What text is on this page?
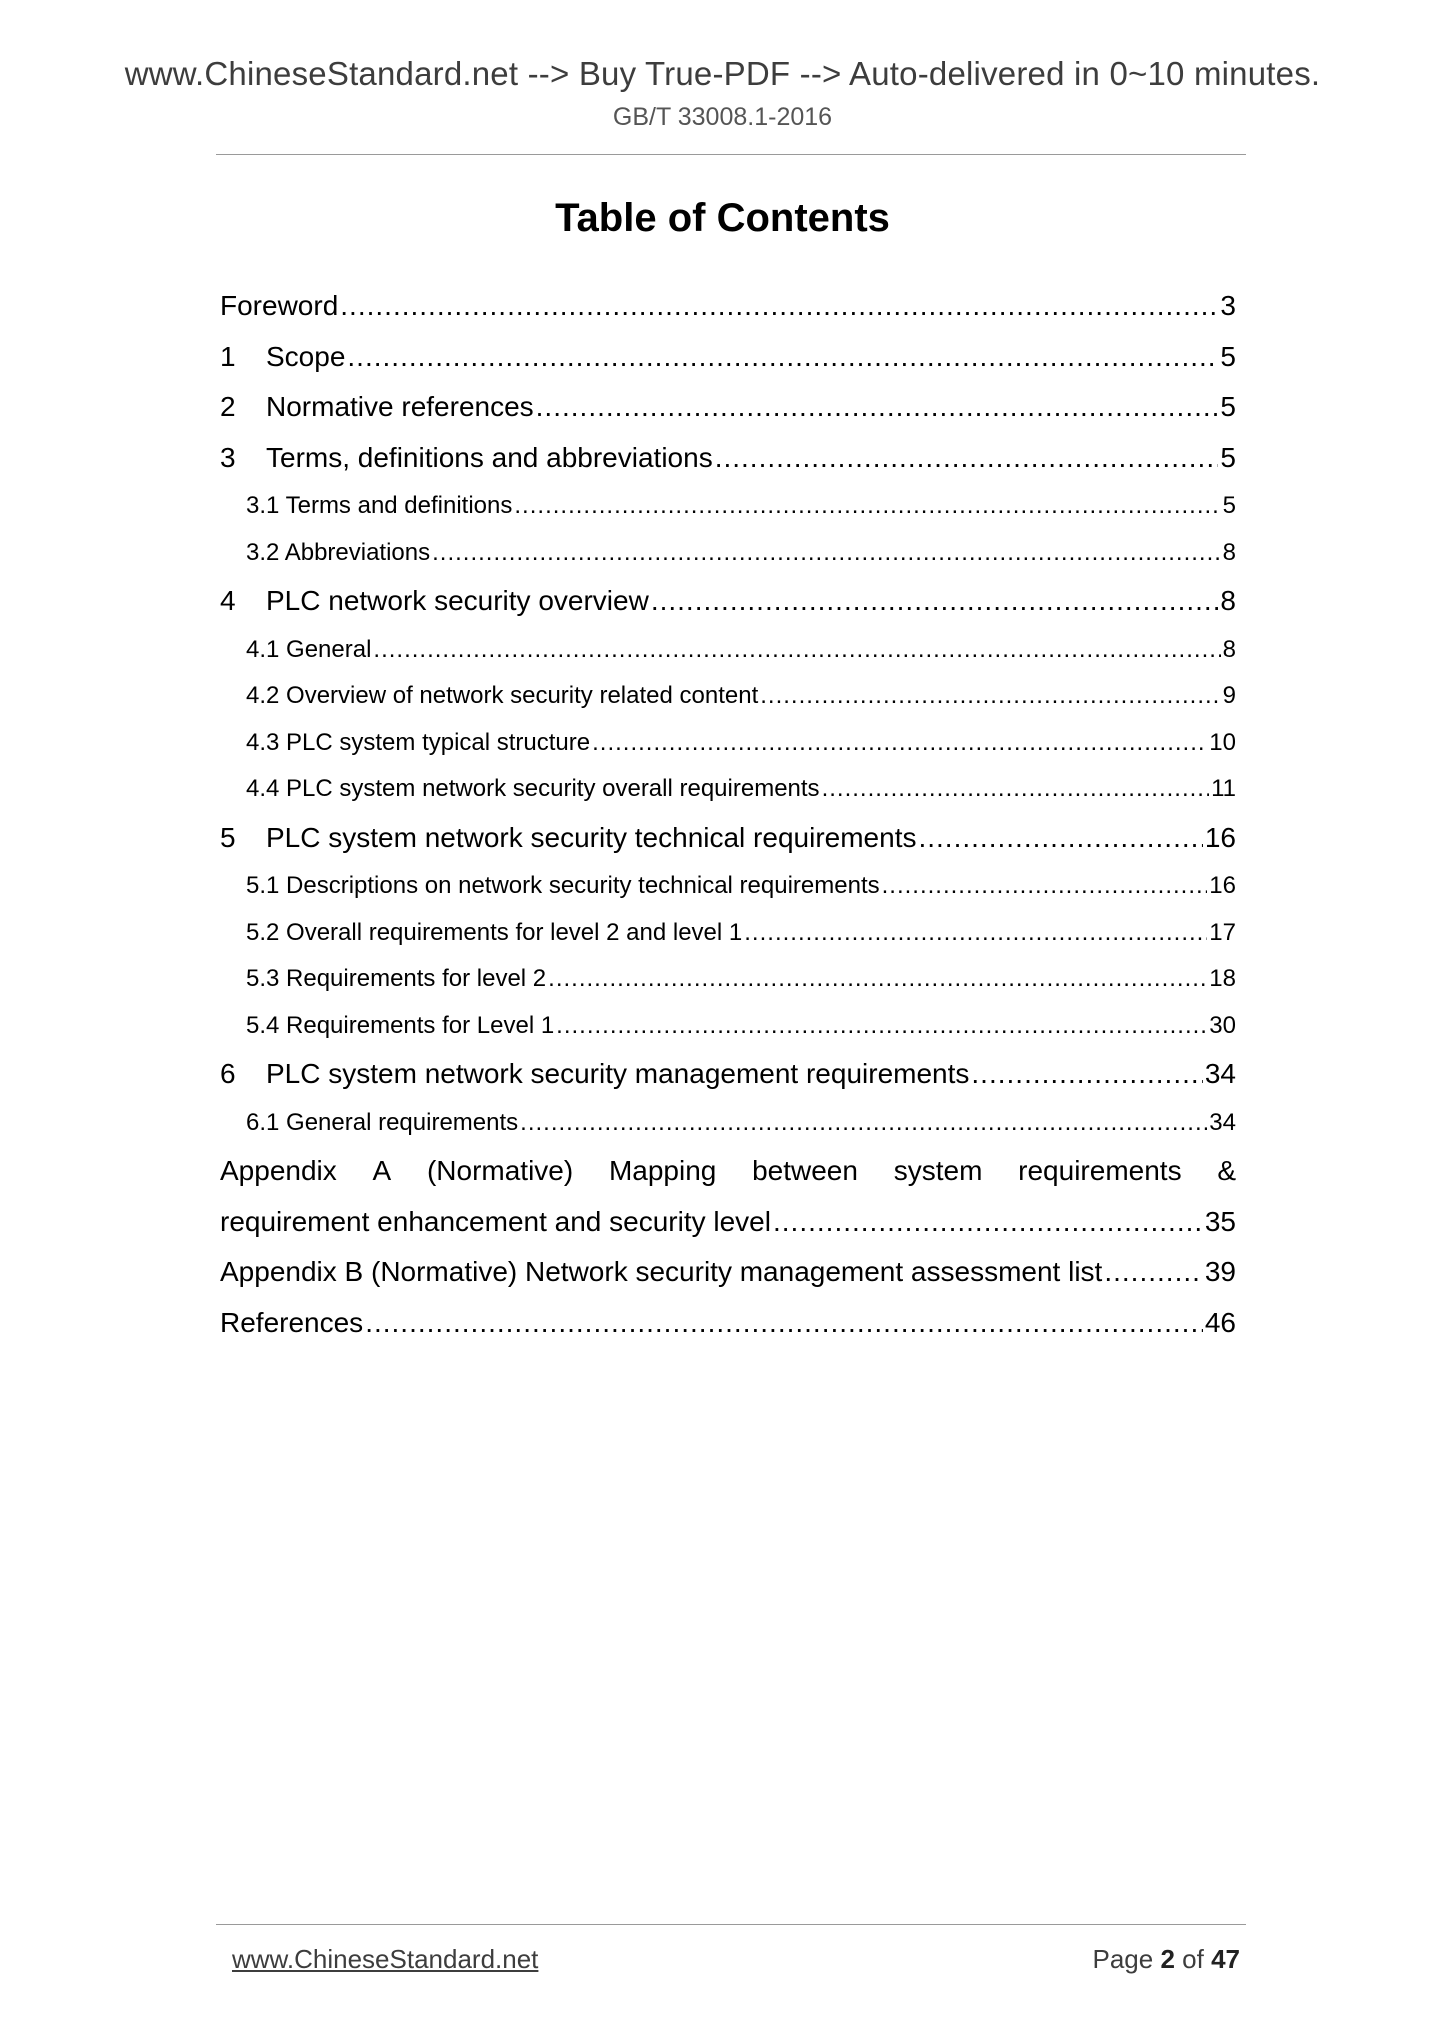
www.ChineseStandard.net --> Buy True-PDF --> Auto-delivered in 0~10 minutes.
GB/T 33008.1-2016
Table of Contents
Foreword .....	3
1	Scope .....	5
2	Normative references .....	5
3	Terms, definitions and abbreviations .....	5
3.1 Terms and definitions .....	5
3.2 Abbreviations .....	8
4	PLC network security overview .....	8
4.1 General .....	8
4.2 Overview of network security related content .....	9
4.3 PLC system typical structure .....	10
4.4 PLC system network security overall requirements .....	11
5	PLC system network security technical requirements .....	16
5.1 Descriptions on network security technical requirements .....	16
5.2 Overall requirements for level 2 and level 1 .....	17
5.3 Requirements for level 2 .....	18
5.4 Requirements for Level 1 .....	30
6	PLC system network security management requirements .....	34
6.1 General requirements .....	34
Appendix A (Normative) Mapping between system requirements &
requirement enhancement and security level .....	35
Appendix B (Normative) Network security management assessment list .....	39
References .....	46
www.ChineseStandard.net	Page 2 of 47
